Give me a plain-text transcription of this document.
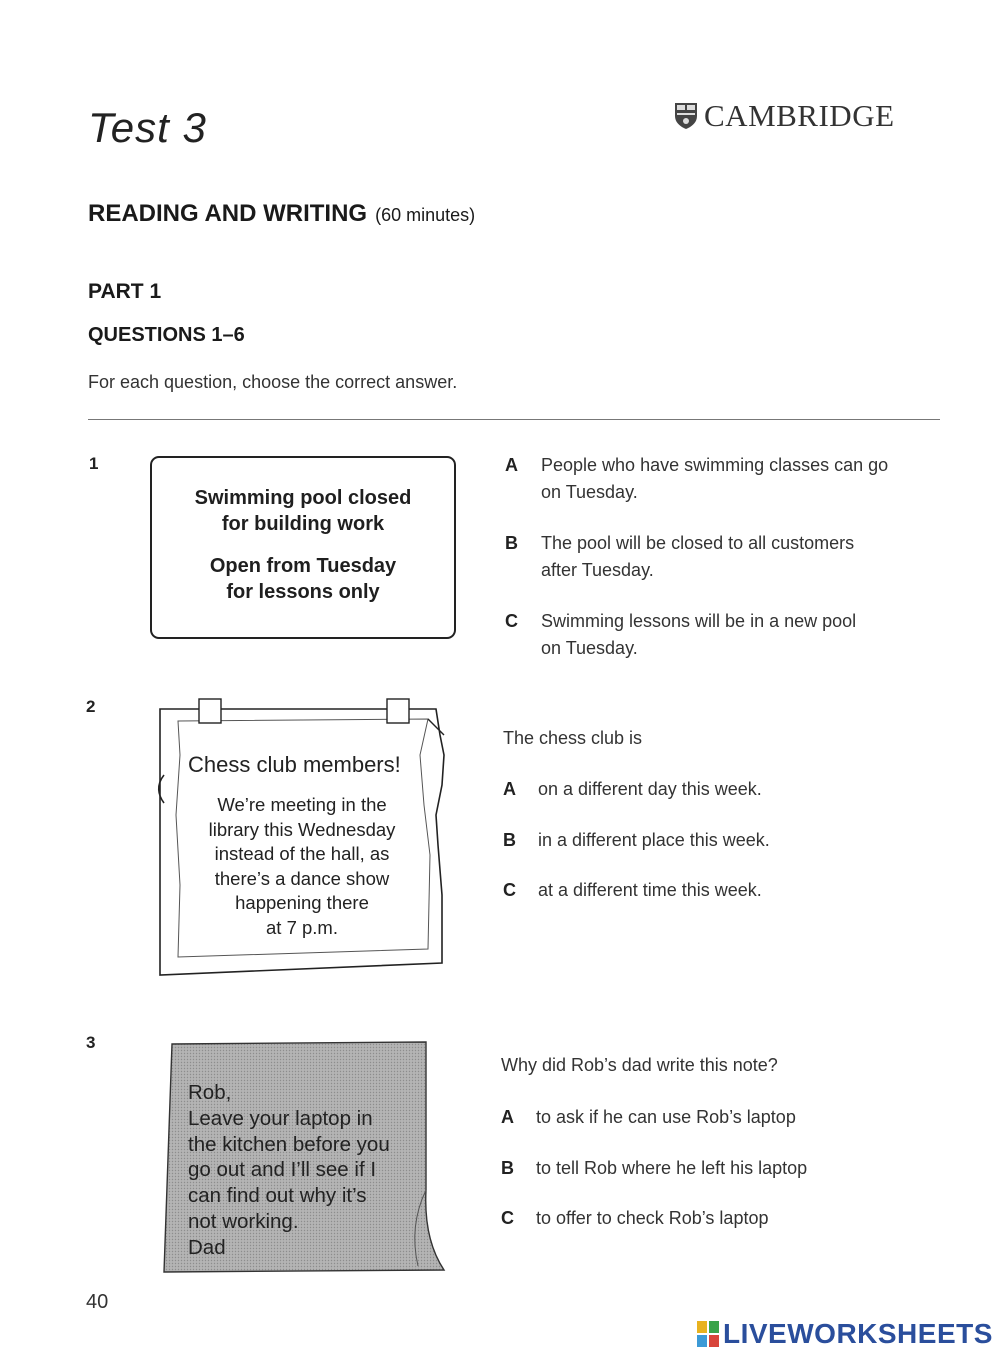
Test 3	CAMBRIDGE
READING AND WRITING (60 minutes)
PART 1
QUESTIONS 1–6
For each question, choose the correct answer.
1
Swimming pool closed
for building work
Open from Tuesday
for lessons only
A People who have swimming classes can go
on Tuesday.
B The pool will be closed to all customers
after Tuesday.
C Swimming lessons will be in a new pool
on Tuesday.
2
Chess club members!
We’re meeting in the
library this Wednesday
instead of the hall, as
there’s a dance show
happening there
at 7 p.m.
The chess club is
A on a different day this week.
B in a different place this week.
C at a different time this week.
3
Rob,
Leave your laptop in
the kitchen before you
go out and I’ll see if I
can find out why it’s
not working.
Dad
Why did Rob’s dad write this note?
A to ask if he can use Rob’s laptop
B to tell Rob where he left his laptop
C to offer to check Rob’s laptop
40
LIVEWORKSHEETS
